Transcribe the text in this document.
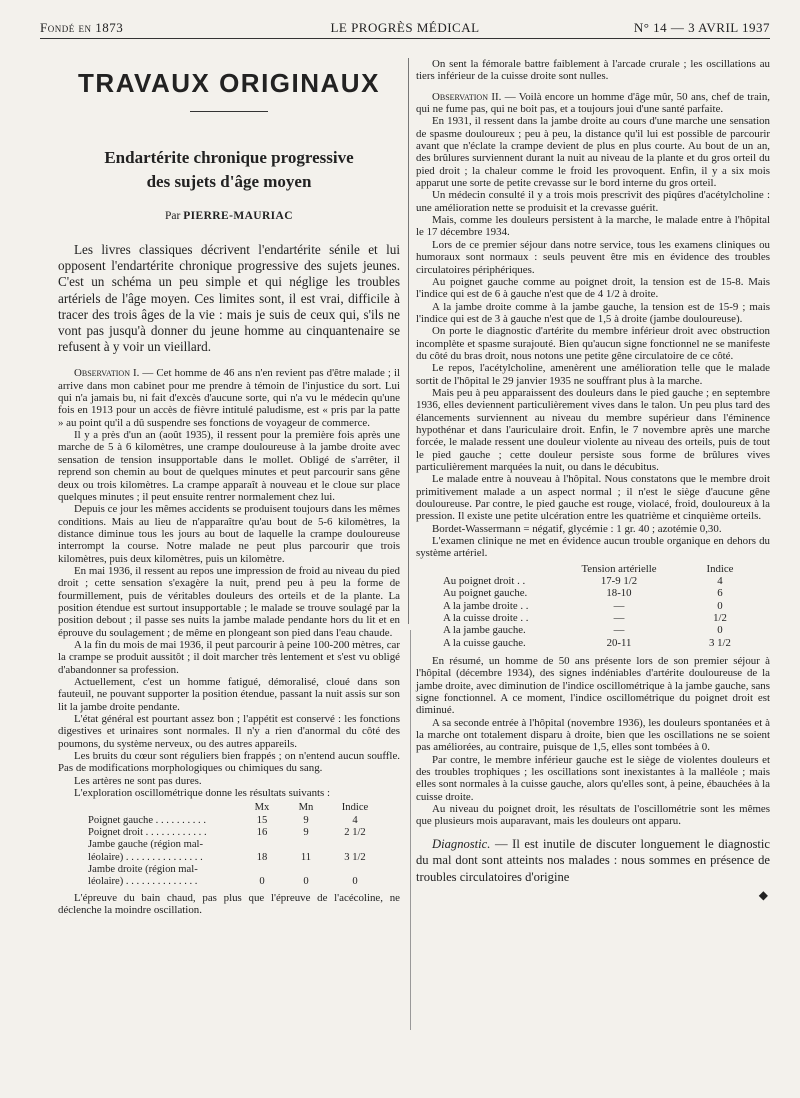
Fondé en 1873	LE PROGRÈS MÉDICAL	N° 14 — 3 AVRIL 1937
TRAVAUX ORIGINAUX
Endartérite chronique progressive
des sujets d'âge moyen
Par PIERRE-MAURIAC

Les livres classiques décrivent l'endartérite sénile et lui opposent l'endartérite chronique progressive des sujets jeunes. C'est un schéma un peu simple et qui néglige les troubles artériels de l'âge moyen. Ces limites sont, il est vrai, difficile à tracer des trois âges de la vie : mais je suis de ceux qui, s'ils ne vont pas jusqu'à donner du jeune homme au cinquantenaire se refusent à y voir un vieillard.

Observation I. — Cet homme de 46 ans n'en revient pas d'être malade ; il arrive dans mon cabinet pour me prendre à témoin de l'injustice du sort. Lui qui n'a jamais bu, ni fait d'excès d'aucune sorte, qui n'a vu le médecin qu'une fois en 1913 pour un accès de fièvre intitulé paludisme, est « pris par la patte » au point qu'il a dû suspendre ses fonctions de voyageur de commerce.

Il y a près d'un an (août 1935), il ressent pour la première fois après une marche de 5 à 6 kilomètres, une crampe douloureuse à la jambe droite avec sensation de tension insupportable dans le mollet. Obligé de s'arrêter, il reprend son chemin au bout de quelques minutes et peut parcourir sans gêne deux ou trois kilomètres. La crampe apparaît à nouveau et le cloue sur place quelques minutes ; il peut ensuite rentrer normalement chez lui.

Depuis ce jour les mêmes accidents se produisent toujours dans les mêmes conditions. Mais au lieu de n'apparaître qu'au bout de 5-6 kilomètres, la distance diminue tous les jours au bout de laquelle la crampe douloureuse interrompt la course. Notre malade ne peut plus parcourir que trois kilomètres, puis deux kilomètres, puis un kilomètre.

En mai 1936, il ressent au repos une impression de froid au niveau du pied droit ; cette sensation s'exagère la nuit, prend peu à peu la forme de fourmillement, puis de véritables douleurs des orteils et de la plante. La position étendue est surtout insupportable ; le malade se trouve soulagé par la position debout ; il passe ses nuits la jambe malade pendante hors du lit et en éprouve du soulagement ; de même en plongeant son pied dans l'eau chaude.

A la fin du mois de mai 1936, il peut parcourir à peine 100-200 mètres, car la crampe se produit aussitôt ; il doit marcher très lentement et s'est vu obligé d'abandonner sa profession.

Actuellement, c'est un homme fatigué, démoralisé, cloué dans son fauteuil, ne pouvant supporter la position étendue, passant la nuit assis sur son lit la jambe droite pendante.

L'état général est pourtant assez bon ; l'appétit est conservé : les fonctions digestives et urinaires sont normales. Il n'y a rien d'anormal du côté des poumons, du système nerveux, ou des autres appareils.

Les bruits du cœur sont réguliers bien frappés ; on n'entend aucun souffle. Pas de modifications morphologiques ou chimiques du sang.

Les artères ne sont pas dures.

L'exploration oscillométrique donne les résultats suivants :

	Mx	Mn	Indice
Poignet gauche . . . . . . . . . .	15	9	4
Poignet droit . . . . . . . . . . . .	16	9	2 1/2
Jambe gauche (région mal-			
léolaire) . . . . . . . . . . . . . . .	18	11	3 1/2
Jambe droite (région mal-			
léolaire) . . . . . . . . . . . . . .	0	0	0

L'épreuve du bain chaud, pas plus que l'épreuve de l'acécoline, ne déclenche la moindre oscillation.

On sent la fémorale battre faiblement à l'arcade crurale ; les oscillations au tiers inférieur de la cuisse droite sont nulles.

Observation II. — Voilà encore un homme d'âge mûr, 50 ans, chef de train, qui ne fume pas, qui ne boit pas, et a toujours joui d'une santé parfaite.

En 1931, il ressent dans la jambe droite au cours d'une marche une sensation de spasme douloureux ; peu à peu, la distance qu'il lui est possible de parcourir avant que n'éclate la crampe devient de plus en plus courte. Au bout de un an, des brûlures surviennent durant la nuit au niveau de la plante et du gros orteil du pied droit ; la chaleur comme le froid les provoquent. Enfin, il y a six mois apparut une sorte de petite crevasse sur le bord interne du gros orteil.

Un médecin consulté il y a trois mois prescrivit des piqûres d'acétylcholine : une amélioration nette se produisit et la crevasse guérit.

Mais, comme les douleurs persistent à la marche, le malade entre à l'hôpital le 17 décembre 1934.

Lors de ce premier séjour dans notre service, tous les examens cliniques ou humoraux sont normaux : seuls peuvent être mis en évidence des troubles circulatoires périphériques.

Au poignet gauche comme au poignet droit, la tension est de 15-8. Mais l'indice qui est de 6 à gauche n'est que de 4 1/2 à droite.

A la jambe droite comme à la jambe gauche, la tension est de 15-9 ; mais l'indice qui est de 3 à gauche n'est que de 1,5 à droite (jambe douloureuse).

On porte le diagnostic d'artérite du membre inférieur droit avec obstruction incomplète et spasme surajouté. Bien qu'aucun signe fonctionnel ne se manifeste du côté du bras droit, nous notons une petite gêne circulatoire de ce côté.

Le repos, l'acétylcholine, amenèrent une amélioration telle que le malade sortit de l'hôpital le 29 janvier 1935 ne souffrant plus à la marche.

Mais peu à peu apparaissent des douleurs dans le pied gauche ; en septembre 1936, elles deviennent particulièrement vives dans le talon. Un peu plus tard des élancements surviennent au niveau du membre supérieur dans l'éminence hypothénar et dans l'auriculaire droit. Enfin, le 7 novembre après une marche forcée, le malade ressent une douleur violente au niveau des orteils, puis de tout le pied gauche ; cette douleur persiste sous forme de brûlures vives particulièrement marquées la nuit, ou dans le décubitus.

Le malade entre à nouveau à l'hôpital. Nous constatons que le membre droit primitivement malade a un aspect normal ; il n'est le siège d'aucune gêne douloureuse. Par contre, le pied gauche est rouge, violacé, froid, douloureux à la pression. Il existe une petite ulcération entre les quatrième et cinquième orteils.

Bordet-Wassermann = négatif, glycémie : 1 gr. 40 ; azotémie 0,30.

L'examen clinique ne met en évidence aucun trouble organique en dehors du système artériel.

	Tension artérielle	Indice
Au poignet droit . .	17-9 1/2	4
Au poignet gauche.	18-10	6
A la jambe droite . .	—	0
A la cuisse droite . .	—	1/2
A la jambe gauche.	—	0
A la cuisse gauche.	20-11	3 1/2

En résumé, un homme de 50 ans présente lors de son premier séjour à l'hôpital (décembre 1934), des signes indéniables d'artérite douloureuse de la jambe droite, avec diminution de l'indice oscillométrique à la jambe gauche, sans signe fonctionnel. A ce moment, l'indice oscillométrique du poignet droit est diminué.

A sa seconde entrée à l'hôpital (novembre 1936), les douleurs spontanées et à la marche ont totalement disparu à droite, bien que les oscillations ne se soient pas améliorées, au contraire, puisque de 1,5, elles sont tombées à 0.

Par contre, le membre inférieur gauche est le siège de violentes douleurs et des troubles trophiques ; les oscillations sont inexistantes à la malléole ; mais elles sont normales à la cuisse gauche, alors qu'elles sont, à peine, ébauchées à la cuisse droite.

Au niveau du poignet droit, les résultats de l'oscillométrie sont les mêmes que plusieurs mois auparavant, mais les douleurs ont apparu.

Diagnostic. — Il est inutile de discuter longuement le diagnostic du mal dont sont atteints nos malades : nous sommes en présence de troubles circulatoires d'origine

◆
